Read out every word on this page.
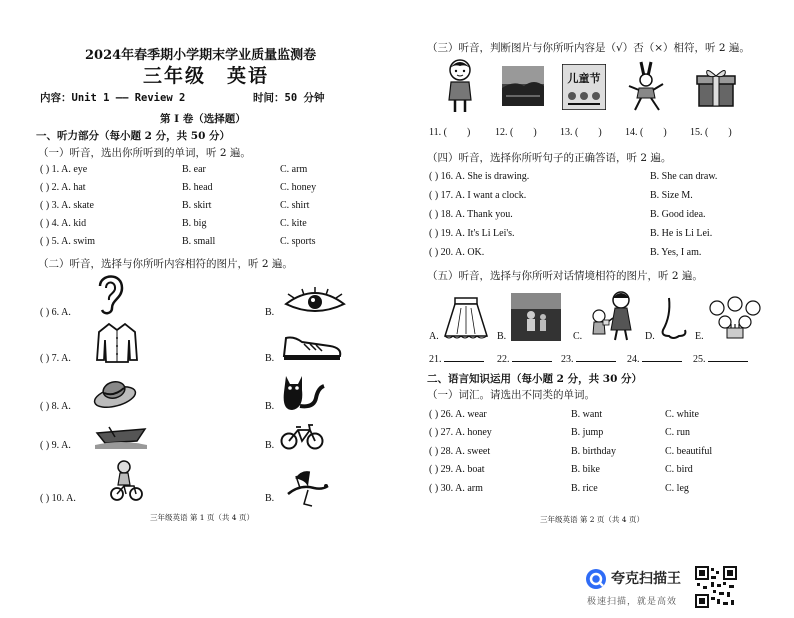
2024年春季期小学期末学业质量监测卷
三年级　英语
内容：Unit 1 —— Review 2	时间：50 分钟
第 I 卷（选择题）
一、听力部分（每小题 2 分，共 50 分）
（一）听音，选出你所听到的单词，听 2 遍。
( ) 1. A. eye	B. ear	C. arm
( ) 2. A. hat	B. head	C. honey
( ) 3. A. skate	B. skirt	C. shirt
( ) 4. A. kid	B. big	C. kite
( ) 5. A. swim	B. small	C. sports
（二）听音，选择与你所听内容相符的图片，听 2 遍。
( ) 6. A.	B.
( ) 7. A.	B.
( ) 8. A.	B.
( ) 9. A.	B.
( ) 10. A.	B.
三年级英语 第 1 页（共 4 页）
（三）听音，判断图片与你所听内容是（√）否（×）相符，听 2 遍。
儿童节
11. (　　) 12. (　　) 13. (　　) 14. (　　) 15. (　　)
（四）听音，选择你所听句子的正确答语，听 2 遍。
( ) 16. A. She is drawing.	B. She can draw.
( ) 17. A. I want a clock.	B. Size M.
( ) 18. A. Thank you.	B. Good idea.
( ) 19. A. It's Li Lei's.	B. He is Li Lei.
( ) 20. A. OK.	B. Yes, I am.
（五）听音，选择与你所听对话情境相符的图片，听 2 遍。
A.	B.	C.	D.	E.
21.	22.	23.	24.	25.
二、语言知识运用（每小题 2 分，共 30 分）
（一）词汇。请选出不同类的单词。
( ) 26. A. wear	B. want	C. white
( ) 27. A. honey	B. jump	C. run
( ) 28. A. sweet	B. birthday	C. beautiful
( ) 29. A. boat	B. bike	C. bird
( ) 30. A. arm	B. rice	C. leg
三年级英语 第 2 页（共 4 页）
夸克扫描王
极速扫描，就是高效
